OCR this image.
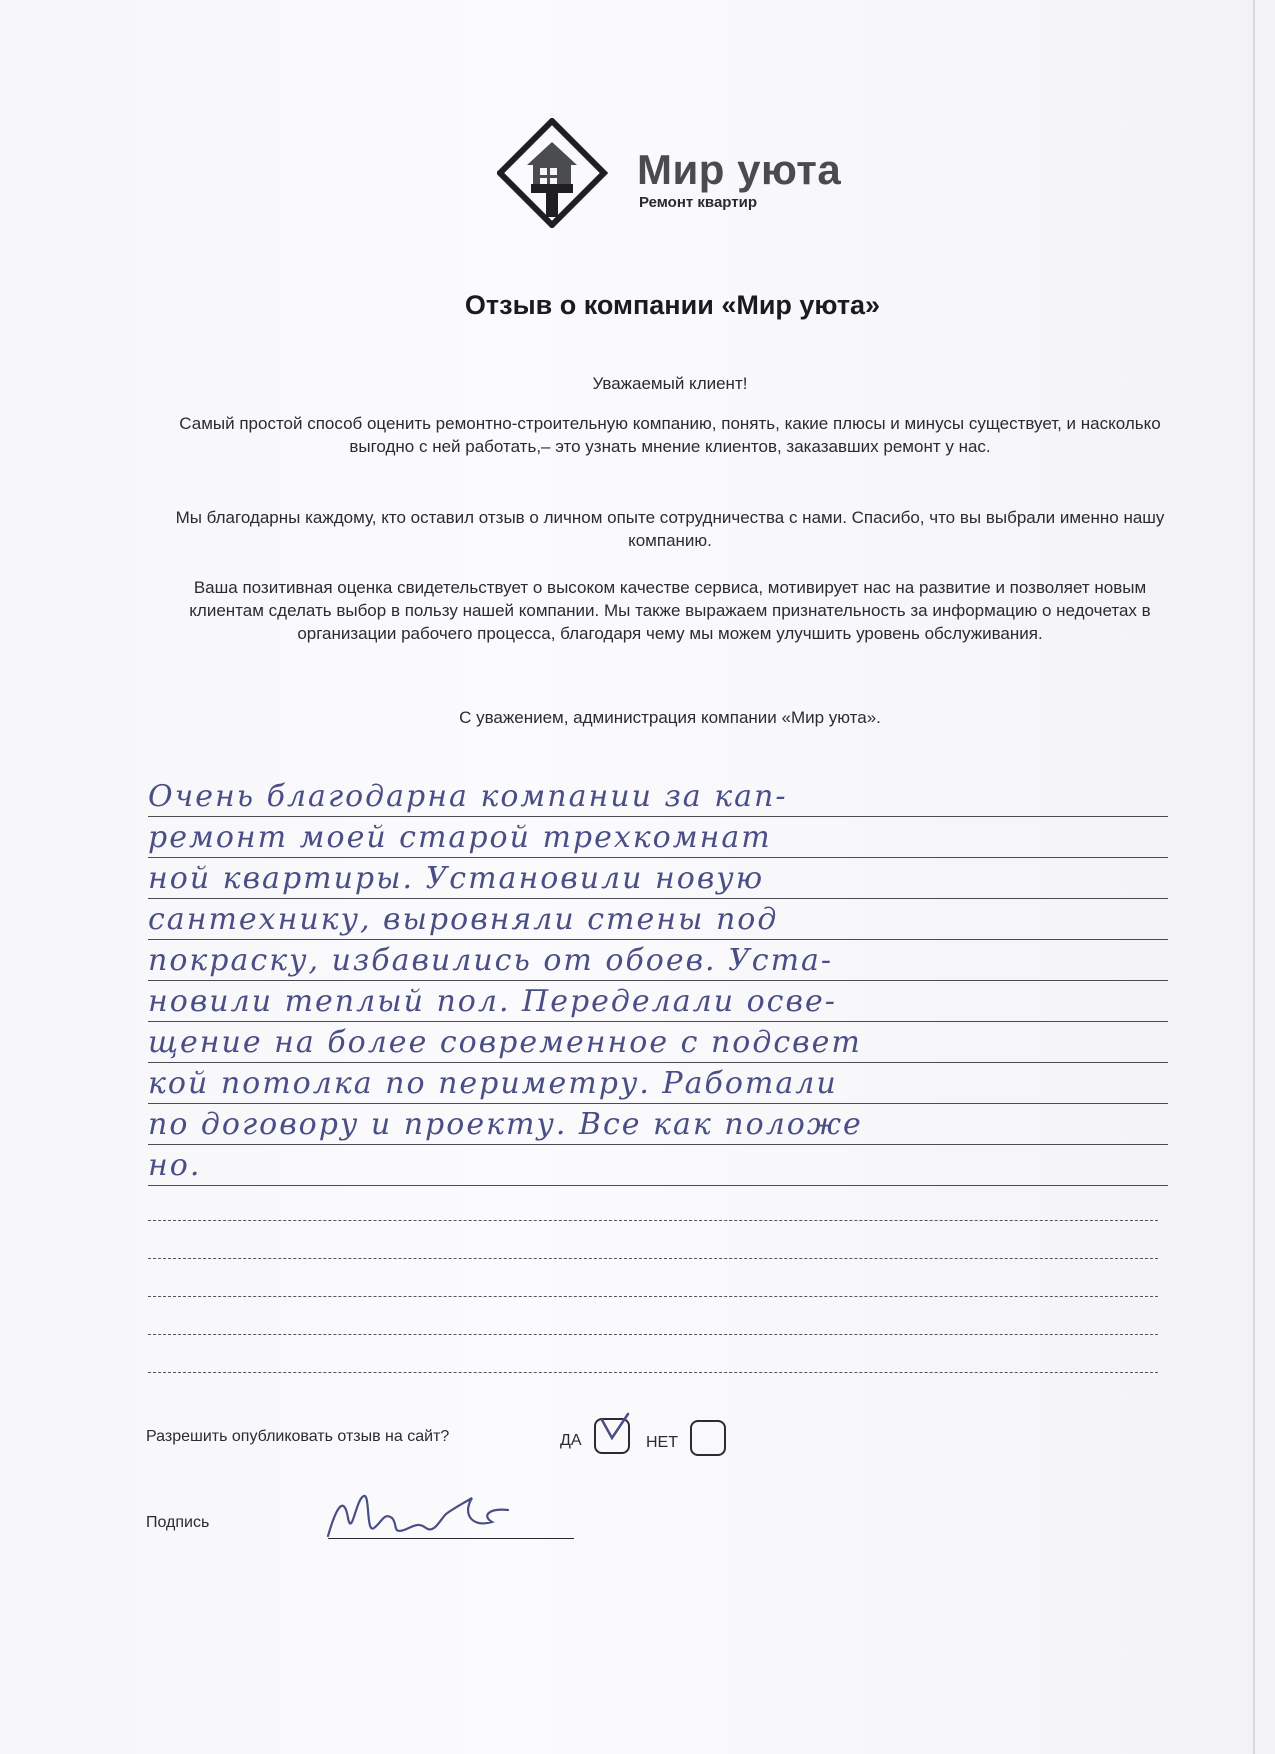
Мир уюта
Ремонт квартир
Отзыв о компании «Мир уюта»
Уважаемый клиент!
Самый простой способ оценить ремонтно-строительную компанию, понять, какие плюсы и минусы существует, и насколько выгодно с ней работать,– это узнать мнение клиентов, заказавших ремонт у нас.
Мы благодарны каждому, кто оставил отзыв о личном опыте сотрудничества с нами. Спасибо, что вы выбрали именно нашу компанию.
Ваша позитивная оценка свидетельствует о высоком качестве сервиса, мотивирует нас на развитие и позволяет новым клиентам сделать выбор в пользу нашей компании. Мы также выражаем признательность за информацию о недочетах в организации рабочего процесса, благодаря чему мы можем улучшить уровень обслуживания.
С уважением, администрация компании «Мир уюта».
Очень благодарна компании за кап-
ремонт моей старой трехкомнат
ной квартиры. Установили новую
сантехнику, выровняли стены под
покраску, избавились от обоев. Уста-
новили теплый пол. Переделали осве-
щение на более современное с подсвет
кой потолка по периметру. Работали
по договору и проекту. Все как положе
но.
Разрешить опубликовать отзыв на сайт?	ДА	НЕТ
Подпись
